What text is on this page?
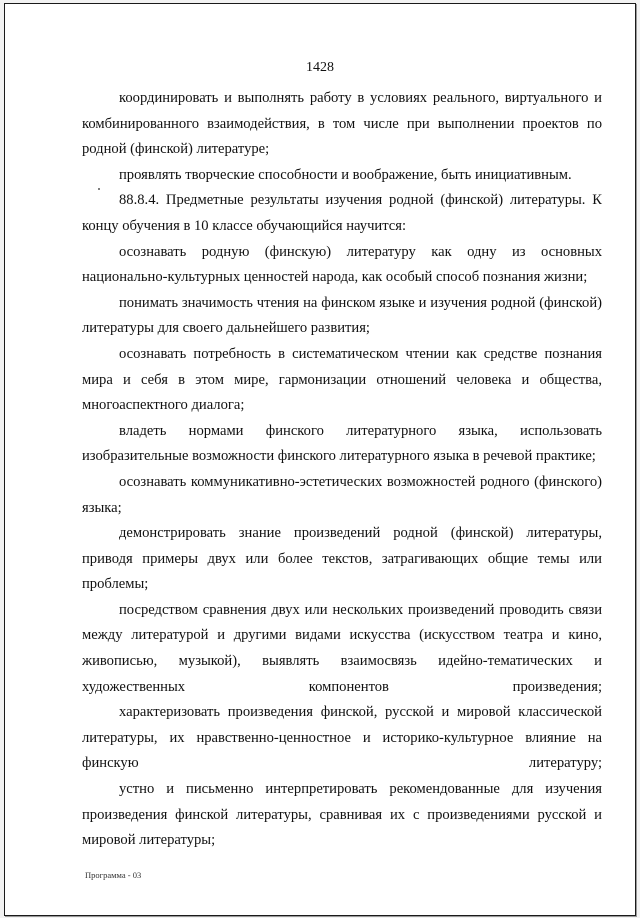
1428

координировать и выполнять работу в условиях реального, виртуального и комбинированного взаимодействия, в том числе при выполнении проектов по родной (финской) литературе;

проявлять творческие способности и воображение, быть инициативным.

88.8.4. Предметные результаты изучения родной (финской) литературы. К концу обучения в 10 классе обучающийся научится:

осознавать родную (финскую) литературу как одну из основных национально-культурных ценностей народа, как особый способ познания жизни;

понимать значимость чтения на финском языке и изучения родной (финской) литературы для своего дальнейшего развития;

осознавать потребность в систематическом чтении как средстве познания мира и себя в этом мире, гармонизации отношений человека и общества, многоаспектного диалога;

владеть нормами финского литературного языка, использовать изобразительные возможности финского литературного языка в речевой практике;

осознавать коммуникативно-эстетических возможностей родного (финского) языка;

демонстрировать знание произведений родной (финской) литературы, приводя примеры двух или более текстов, затрагивающих общие темы или проблемы;

посредством сравнения двух или нескольких произведений проводить связи между литературой и другими видами искусства (искусством театра и кино, живописью, музыкой), выявлять взаимосвязь идейно-тематических и художественных компонентов произведения;

характеризовать произведения финской, русской и мировой классической литературы, их нравственно-ценностное и историко-культурное влияние на финскую литературу;

устно и письменно интерпретировать рекомендованные для изучения произведения финской литературы, сравнивая их с произведениями русской и мировой литературы;

Программа - 03
